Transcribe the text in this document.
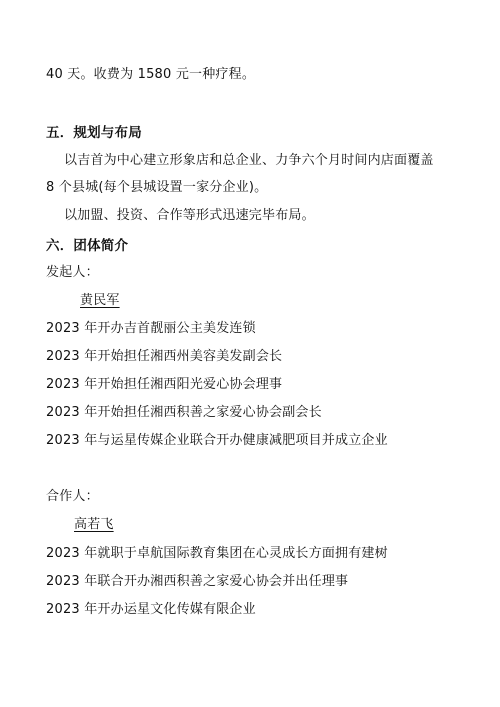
40 天。收费为 1580 元一种疗程。
五．规划与布局
以吉首为中心建立形象店和总企业、力争六个月时间内店面覆盖
8 个县城(每个县城设置一家分企业)。
以加盟、投资、合作等形式迅速完毕布局。
六．团体简介
发起人：
黄民军
2023 年开办吉首靓丽公主美发连锁
2023 年开始担任湘西州美容美发副会长
2023 年开始担任湘西阳光爱心协会理事
2023 年开始担任湘西积善之家爱心协会副会长
2023 年与运星传媒企业联合开办健康减肥项目并成立企业
合作人：
高若飞
2023 年就职于卓航国际教育集团在心灵成长方面拥有建树
2023 年联合开办湘西积善之家爱心协会并出任理事
2023 年开办运星文化传媒有限企业
